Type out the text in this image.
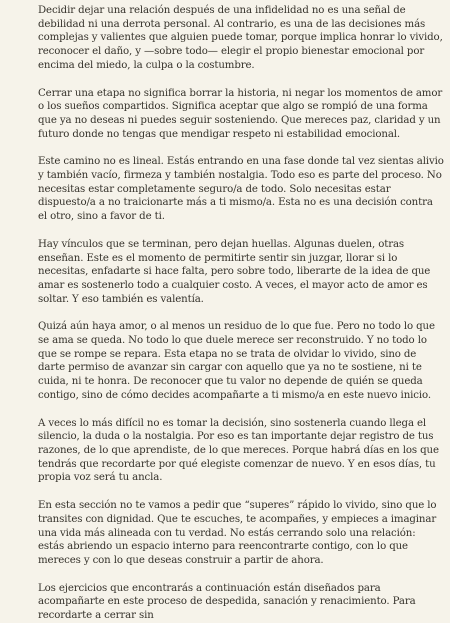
Decidir dejar una relación después de una infidelidad no es una señal de debilidad ni una derrota personal. Al contrario, es una de las decisiones más complejas y valientes que alguien puede tomar, porque implica honrar lo vivido, reconocer el daño, y —sobre todo— elegir el propio bienestar emocional por encima del miedo, la culpa o la costumbre.

Cerrar una etapa no significa borrar la historia, ni negar los momentos de amor o los sueños compartidos. Significa aceptar que algo se rompió de una forma que ya no deseas ni puedes seguir sosteniendo. Que mereces paz, claridad y un futuro donde no tengas que mendigar respeto ni estabilidad emocional.

Este camino no es lineal. Estás entrando en una fase donde tal vez sientas alivio y también vacío, firmeza y también nostalgia. Todo eso es parte del proceso. No necesitas estar completamente seguro/a de todo. Solo necesitas estar dispuesto/a a no traicionarte más a ti mismo/a. Esta no es una decisión contra el otro, sino a favor de ti.

Hay vínculos que se terminan, pero dejan huellas. Algunas duelen, otras enseñan. Este es el momento de permitirte sentir sin juzgar, llorar si lo necesitas, enfadarte si hace falta, pero sobre todo, liberarte de la idea de que amar es sostenerlo todo a cualquier costo. A veces, el mayor acto de amor es soltar. Y eso también es valentía.

Quizá aún haya amor, o al menos un residuo de lo que fue. Pero no todo lo que se ama se queda. No todo lo que duele merece ser reconstruido. Y no todo lo que se rompe se repara. Esta etapa no se trata de olvidar lo vivido, sino de darte permiso de avanzar sin cargar con aquello que ya no te sostiene, ni te cuida, ni te honra. De reconocer que tu valor no depende de quién se queda contigo, sino de cómo decides acompañarte a ti mismo/a en este nuevo inicio.

A veces lo más difícil no es tomar la decisión, sino sostenerla cuando llega el silencio, la duda o la nostalgia. Por eso es tan importante dejar registro de tus razones, de lo que aprendiste, de lo que mereces. Porque habrá días en los que tendrás que recordarte por qué elegiste comenzar de nuevo. Y en esos días, tu propia voz será tu ancla.

En esta sección no te vamos a pedir que “superes” rápido lo vivido, sino que lo transites con dignidad. Que te escuches, te acompañes, y empieces a imaginar una vida más alineada con tu verdad. No estás cerrando solo una relación: estás abriendo un espacio interno para reencontrarte contigo, con lo que mereces y con lo que deseas construir a partir de ahora.

Los ejercicios que encontrarás a continuación están diseñados para acompañarte en este proceso de despedida, sanación y renacimiento. Para recordarte a cerrar sin
